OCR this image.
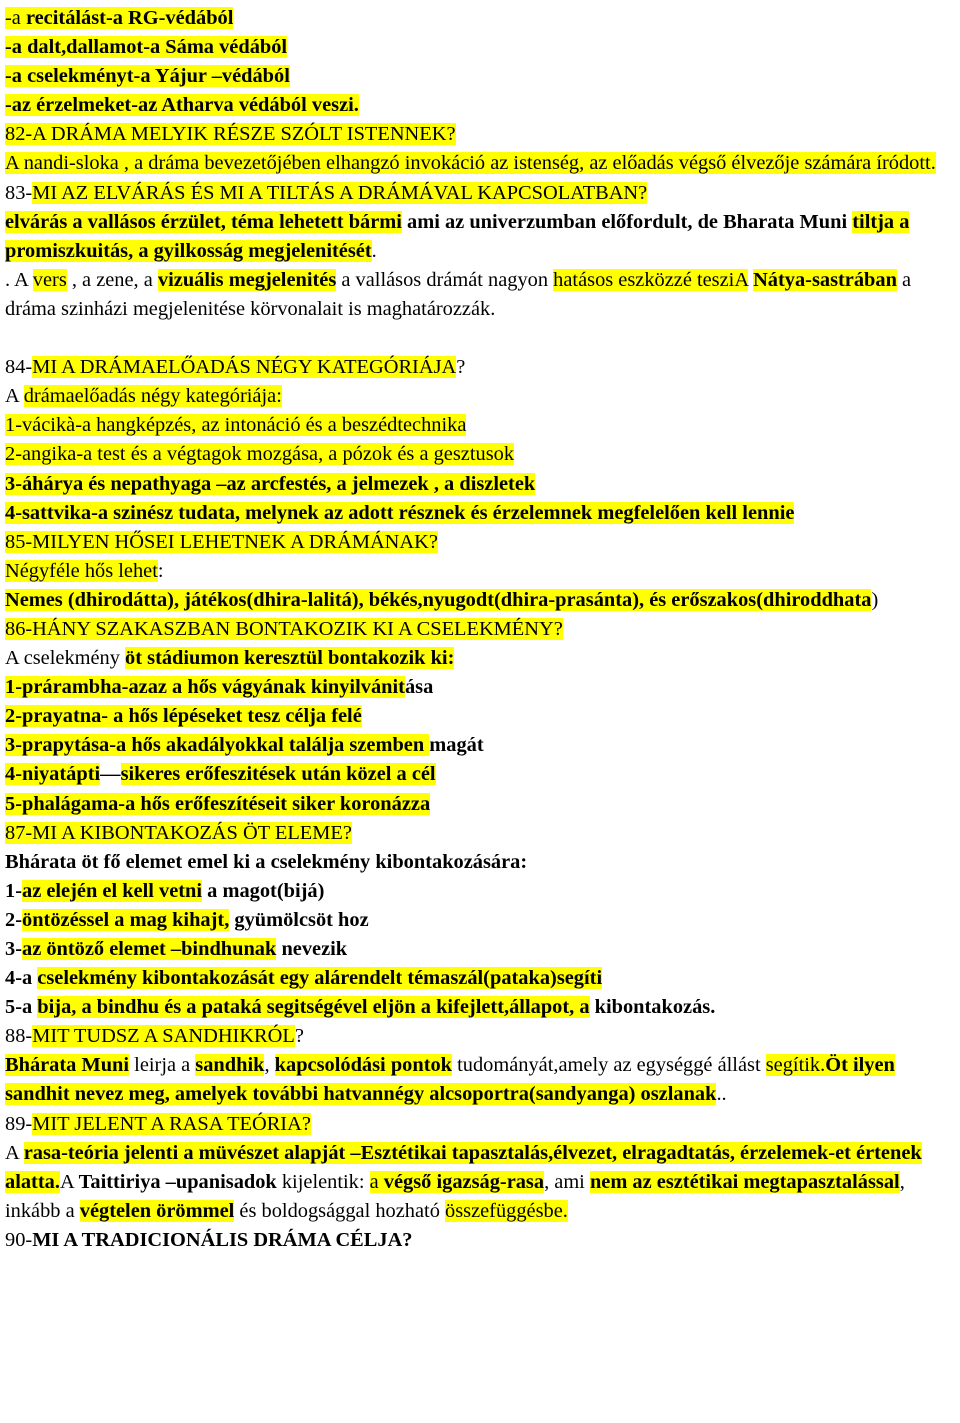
-a recitálást-a RG-védából
-a dalt,dallamot-a Sáma védából
-a cselekményt-a Yájur –védából
-az érzelmeket-az Atharva védából veszi.
82-A DRÁMA MELYIK RÉSZE SZÓLT ISTENNEK?
A nandi-sloka , a dráma bevezetőjében elhangzó invokáció az istenség, az előadás végső élvezője számára íródott.
83-MI AZ ELVÁRÁS ÉS MI A TILTÁS A DRÁMÁVAL KAPCSOLATBAN?
elvárás a vallásos érzület, téma lehetett bármi ami az univerzumban előfordult, de Bharata Muni tiltja a promiszkuitás, a gyilkosság megjelenitését.
. A vers , a zene, a vizuális megjelenités a vallásos drámát nagyon hatásos eszközzé tesziA Nátya-sastrában a dráma szinházi megjelenitése körvonalait is maghatározzák.
84-MI A DRÁMAELŐADÁS NÉGY KATEGÓRIÁJA?
A drámaelőadás négy kategóriája:
1-vácikà-a hangképzés, az intonáció és a beszédtechnika
2-angika-a test és a végtagok mozgása, a pózok és a gesztusok
3-áhárya és nepathyaga –az arcfestés, a jelmezek , a diszletek
4-sattvika-a szinész tudata, melynek az adott résznek és érzelemnek megfelelően kell lennie
85-MILYEN HŐSEI LEHETNEK A DRÁMÁNAK?
Négyféle hős lehet:
Nemes (dhirodátta), játékos(dhira-lalitá), békés,nyugodt(dhira-prasánta), és erőszakos(dhiroddhata)
86-HÁNY SZAKASZBAN BONTAKOZIK KI A CSELEKMÉNY?
A cselekmény öt stádiumon keresztül bontakozik ki:
1-prárambha-azaz a hős vágyának kinyilvánitása
2-prayatna- a hős lépéseket tesz célja felé
3-prapytása-a hős akadályokkal találja szemben magát
4-niyatápti—sikeres erőfeszitések után közel a cél
5-phalágama-a hős erőfeszítéseit siker koronázza
87-MI A KIBONTAKOZÁS ÖT ELEME?
Bhárata öt fő elemet emel ki a cselekmény kibontakozására:
1-az elején el kell vetni a magot(bijá)
2-öntözéssel a mag kihajt, gyümölcsöt hoz
3-az öntöző elemet –bindhunak nevezik
4-a cselekmény kibontakozását egy alárendelt témaszál(pataka)segíti
5-a bija, a bindhu és a pataká segitségével eljön a kifejlett,állapot, a kibontakozás.
88-MIT TUDSZ A SANDHIKRÓL?
Bhárata Muni leirja a sandhik, kapcsolódási pontok tudományát,amely az egységgé állást segítik.Öt ilyen sandhit nevez meg, amelyek további hatvannégy alcsoportra(sandyanga) oszlanak..
89-MIT JELENT A RASA TEÓRIA?
A rasa-teória jelenti a müvészet alapját –Esztétikai tapasztalás,élvezet, elragadtatás, érzelemek-et értenek alatta.A Taittiriya –upanisadok kijelentik: a végső igazság-rasa, ami nem az esztétikai megtapasztalással, inkább a végtelen örömmel és boldogsággal hozható összefüggésbe.
90-MI A TRADICIONÁLIS DRÁMA CÉLJA?
